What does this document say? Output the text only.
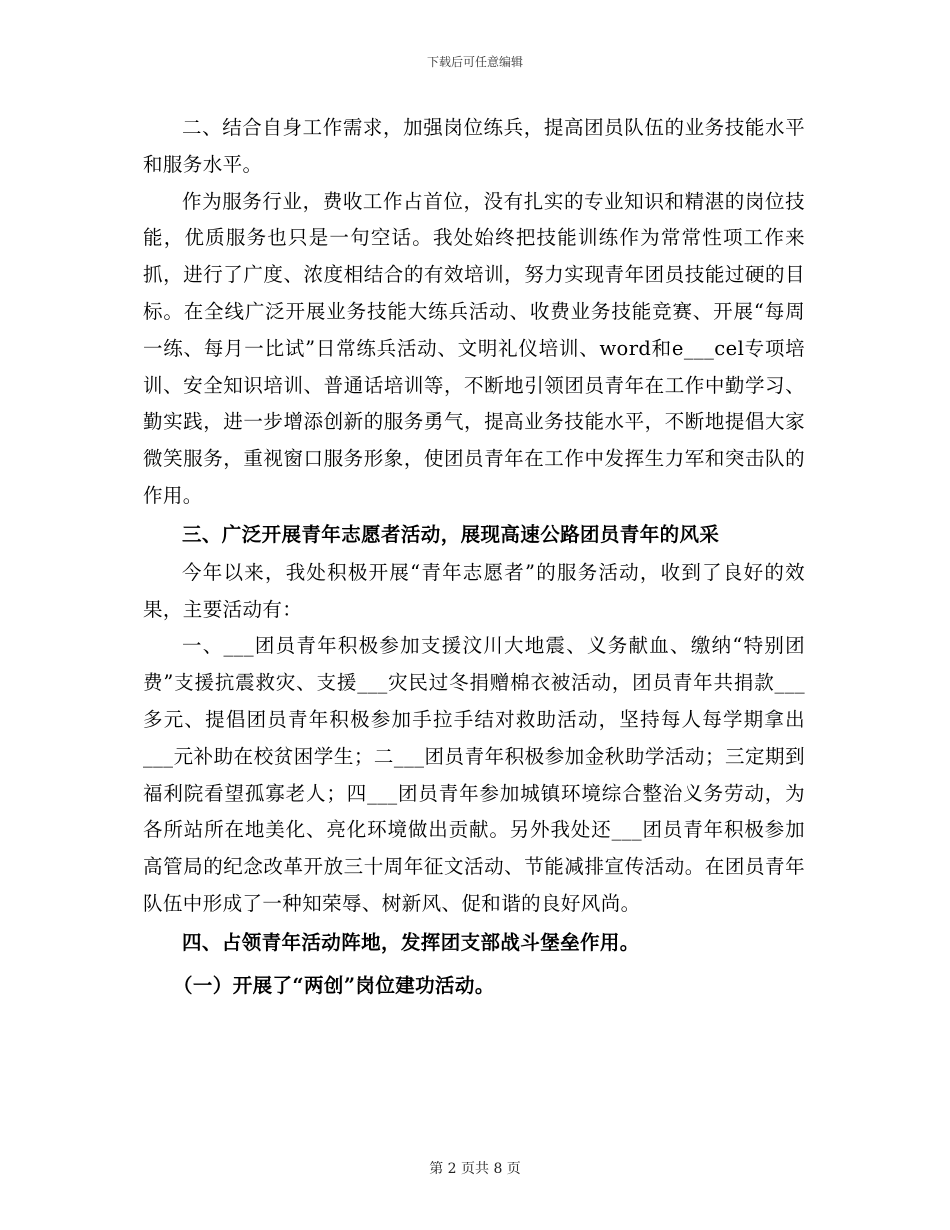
下载后可任意编辑

二、结合自身工作需求，加强岗位练兵，提高团员队伍的业务技能水平和服务水平。

作为服务行业，费收工作占首位，没有扎实的专业知识和精湛的岗位技能，优质服务也只是一句空话。我处始终把技能训练作为常常性项工作来抓，进行了广度、浓度相结合的有效培训，努力实现青年团员技能过硬的目标。在全线广泛开展业务技能大练兵活动、收费业务技能竞赛、开展“每周一练、每月一比试”日常练兵活动、文明礼仪培训、word和e___cel专项培训、安全知识培训、普通话培训等，不断地引领团员青年在工作中勤学习、勤实践，进一步增添创新的服务勇气，提高业务技能水平，不断地提倡大家微笑服务，重视窗口服务形象，使团员青年在工作中发挥生力军和突击队的作用。

三、广泛开展青年志愿者活动，展现高速公路团员青年的风采

今年以来，我处积极开展“青年志愿者”的服务活动，收到了良好的效果，主要活动有：

一、___团员青年积极参加支援汶川大地震、义务献血、缴纳“特别团费”支援抗震救灾、支援___灾民过冬捐赠棉衣被活动，团员青年共捐款___多元、提倡团员青年积极参加手拉手结对救助活动，坚持每人每学期拿出___元补助在校贫困学生；二___团员青年积极参加金秋助学活动；三定期到福利院看望孤寡老人；四___团员青年参加城镇环境综合整治义务劳动，为各所站所在地美化、亮化环境做出贡献。另外我处还___团员青年积极参加高管局的纪念改革开放三十周年征文活动、节能减排宣传活动。在团员青年队伍中形成了一种知荣辱、树新风、促和谐的良好风尚。

四、占领青年活动阵地，发挥团支部战斗堡垒作用。

（一）开展了“两创”岗位建功活动。

第 2 页共 8 页
